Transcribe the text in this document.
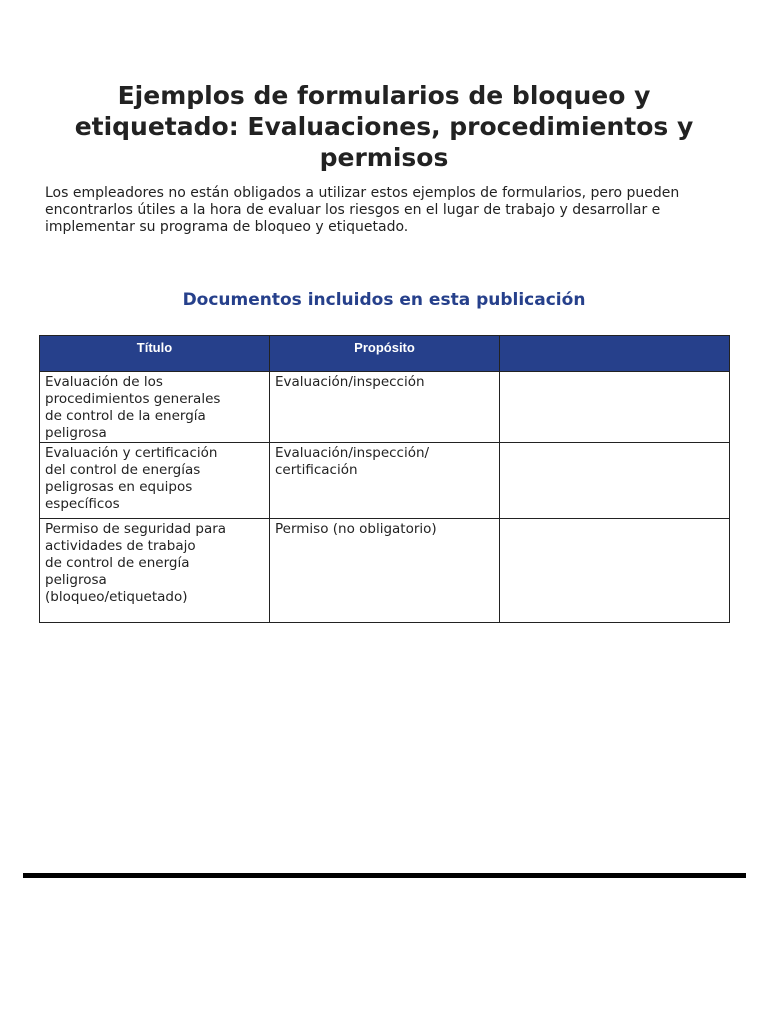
Ejemplos de formularios de bloqueo y etiquetado: Evaluaciones, procedimientos y permisos

Los empleadores no están obligados a utilizar estos ejemplos de formularios, pero pueden encontrarlos útiles a la hora de evaluar los riesgos en el lugar de trabajo y desarrollar e implementar su programa de bloqueo y etiquetado.

Documentos incluidos en esta publicación
Título	Propósito	

Evaluación de los
procedimientos generales
de control de la energía
peligrosa	Evaluación/inspección	

Evaluación y certificación
del control de energías
peligrosas en equipos
específicos	Evaluación/inspección/
certificación	

Permiso de seguridad para
actividades de trabajo
de control de energía
peligrosa
(bloqueo/etiquetado)	Permiso (no obligatorio)	
